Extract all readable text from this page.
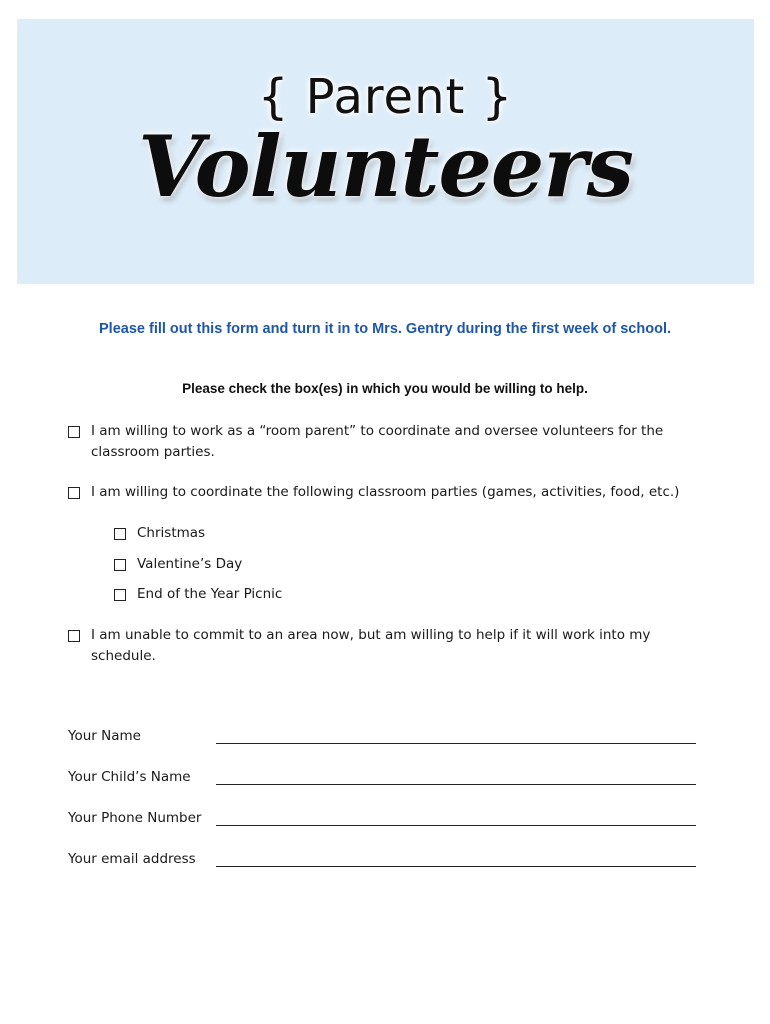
{ Parent }
Volunteers
Please fill out this form and turn it in to Mrs. Gentry during the first week of school.
Please check the box(es) in which you would be willing to help.
I am willing to work as a “room parent” to coordinate and oversee volunteers for the classroom parties.
I am willing to coordinate the following classroom parties (games, activities, food, etc.)
Christmas
Valentine’s Day
End of the Year Picnic
I am unable to commit to an area now, but am willing to help if it will work into my schedule.
Your Name
Your Child’s Name
Your Phone Number
Your email address
